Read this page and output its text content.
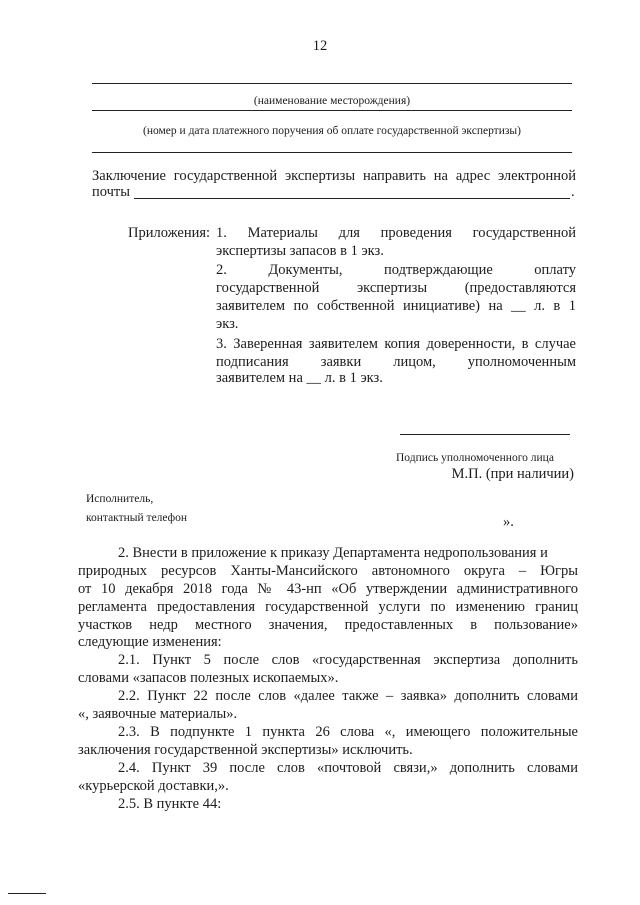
12
(наименование месторождения)
(номер и дата платежного поручения об оплате государственной экспертизы)
Заключение государственной экспертизы направить на адрес электронной
почты	.
Приложения: 1. Материалы для проведения государственной
экспертизы запасов в 1 экз.
2. Документы, подтверждающие оплату
государственной экспертизы (предоставляются
заявителем по собственной инициативе) на __ л. в 1
экз.
3. Заверенная заявителем копия доверенности, в случае
подписания заявки лицом, уполномоченным
заявителем на __ л. в 1 экз.
Подпись уполномоченного лица
М.П. (при наличии)
Исполнитель,
контактный телефон	».
2. Внести в приложение к приказу Департамента недропользования и
природных ресурсов Ханты-Мансийского автономного округа – Югры
от 10 декабря 2018 года № 43-нп «Об утверждении административного
регламента предоставления государственной услуги по изменению границ
участков недр местного значения, предоставленных в пользование»
следующие изменения:
2.1. Пункт 5 после слов «государственная экспертиза дополнить
словами «запасов полезных ископаемых».
2.2. Пункт 22 после слов «далее также – заявка» дополнить словами
«, заявочные материалы».
2.3. В подпункте 1 пункта 26 слова «, имеющего положительные
заключения государственной экспертизы» исключить.
2.4. Пункт 39 после слов «почтовой связи,» дополнить словами
«курьерской доставки,».
2.5. В пункте 44:
